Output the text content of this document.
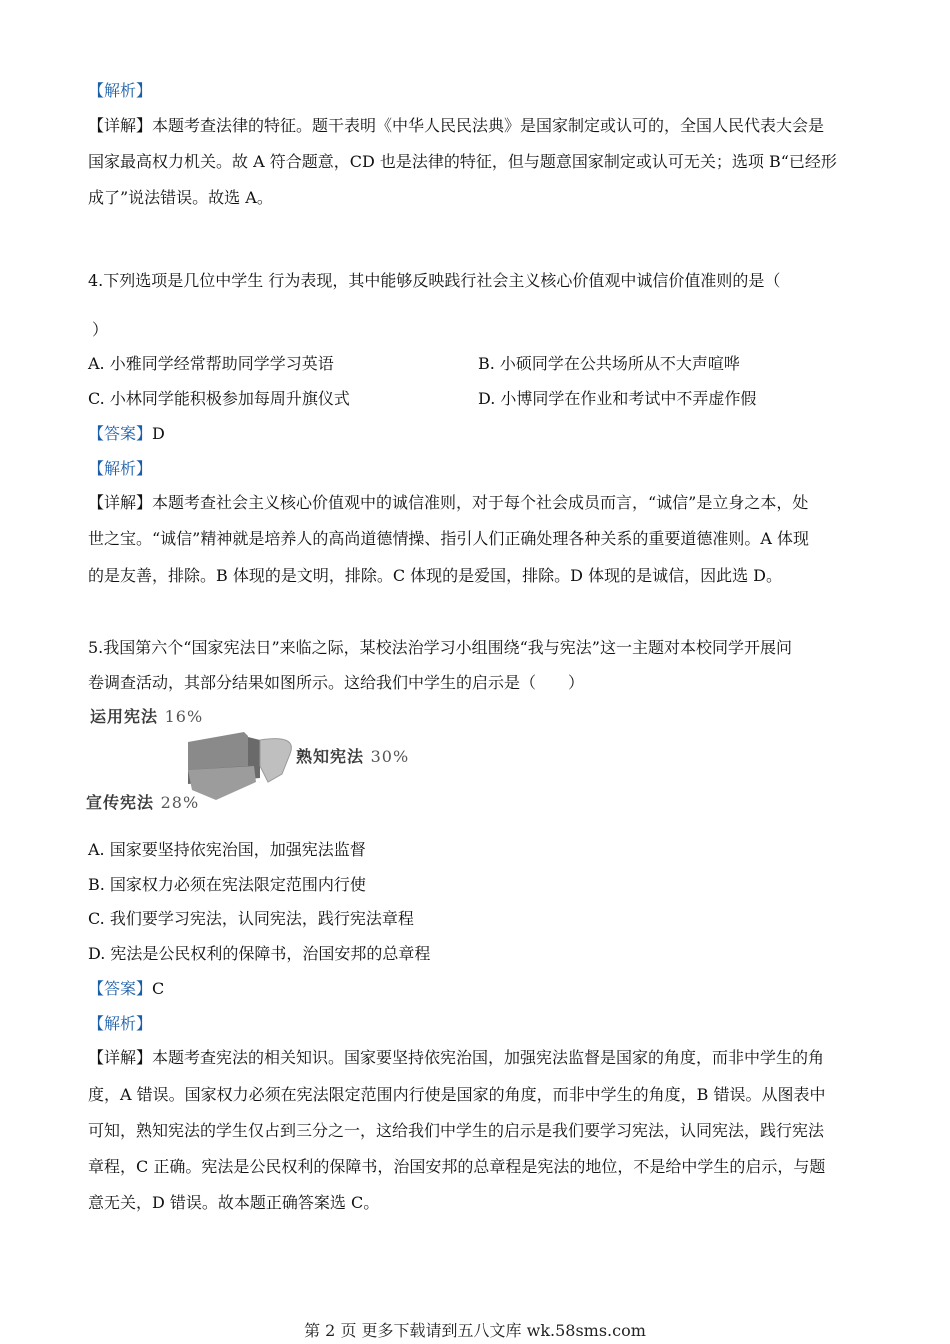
【解析】
【详解】本题考查法律的特征。题干表明《中华人民民法典》是国家制定或认可的，全国人民代表大会是
国家最高权力机关。故 A 符合题意，CD 也是法律的特征，但与题意国家制定或认可无关；选项 B“已经形
成了”说法错误。故选 A。
4.下列选项是几位中学生 行为表现，其中能够反映践行社会主义核心价值观中诚信价值准则的是（
）
A. 小雅同学经常帮助同学学习英语	B. 小硕同学在公共场所从不大声喧哗
C. 小林同学能积极参加每周升旗仪式	D. 小博同学在作业和考试中不弄虚作假
【答案】D
【解析】
【详解】本题考查社会主义核心价值观中的诚信准则，对于每个社会成员而言，“诚信”是立身之本，处
世之宝。“诚信”精神就是培养人的高尚道德情操、指引人们正确处理各种关系的重要道德准则。A 体现
的是友善，排除。B 体现的是文明，排除。C 体现的是爱国，排除。D 体现的是诚信，因此选 D。
5.我国第六个“国家宪法日”来临之际，某校法治学习小组围绕“我与宪法”这一主题对本校同学开展问
卷调查活动，其部分结果如图所示。这给我们中学生的启示是（　　）
运用宪法 16%
熟知宪法 30%
宣传宪法 28%
A. 国家要坚持依宪治国，加强宪法监督
B. 国家权力必须在宪法限定范围内行使
C. 我们要学习宪法，认同宪法，践行宪法章程
D. 宪法是公民权利的保障书，治国安邦的总章程
【答案】C
【解析】
【详解】本题考查宪法的相关知识。国家要坚持依宪治国，加强宪法监督是国家的角度，而非中学生的角
度，A 错误。国家权力必须在宪法限定范围内行使是国家的角度，而非中学生的角度，B 错误。从图表中
可知，熟知宪法的学生仅占到三分之一，这给我们中学生的启示是我们要学习宪法，认同宪法，践行宪法
章程，C 正确。宪法是公民权利的保障书，治国安邦的总章程是宪法的地位，不是给中学生的启示，与题
意无关，D 错误。故本题正确答案选 C。
第 2 页 更多下载请到五八文库 wk.58sms.com
